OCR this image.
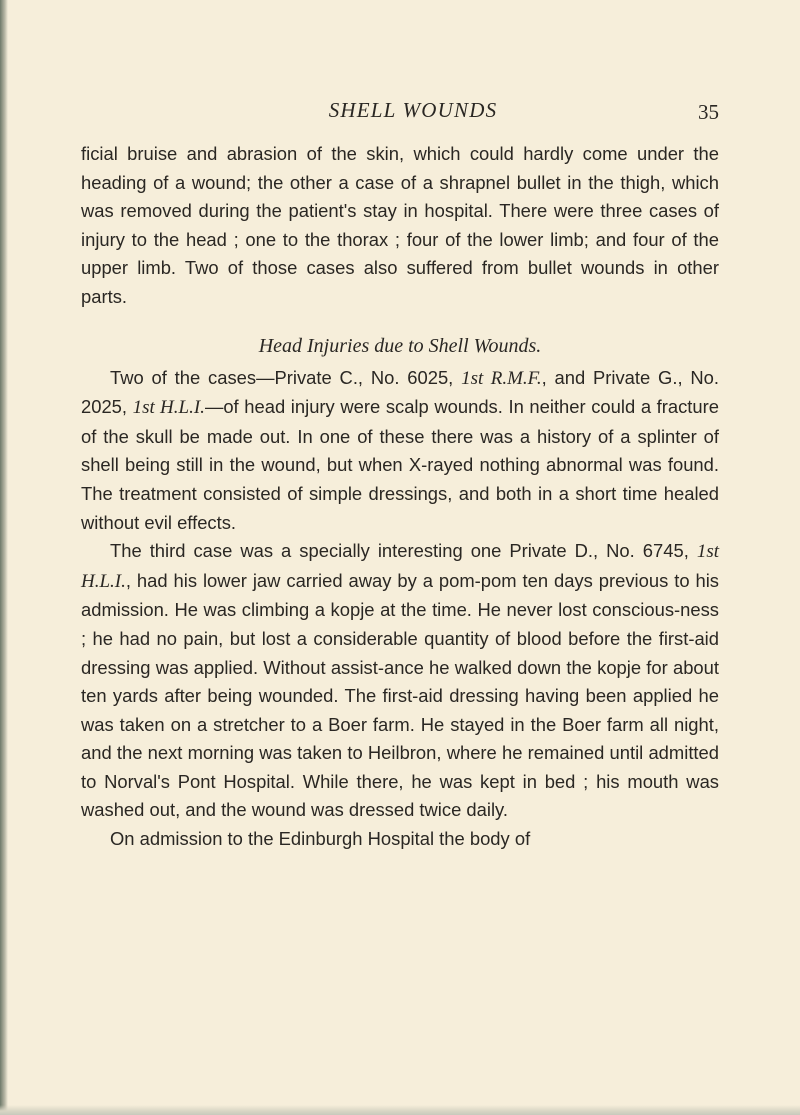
SHELL WOUNDS	35

ficial bruise and abrasion of the skin, which could hardly come under the heading of a wound; the other a case of a shrapnel bullet in the thigh, which was removed during the patient's stay in hospital. There were three cases of injury to the head ; one to the thorax ; four of the lower limb; and four of the upper limb. Two of those cases also suffered from bullet wounds in other parts.

Head Injuries due to Shell Wounds.

Two of the cases—Private C., No. 6025, 1st R.M.F., and Private G., No. 2025, 1st H.L.I.—of head injury were scalp wounds. In neither could a fracture of the skull be made out. In one of these there was a history of a splinter of shell being still in the wound, but when X-rayed nothing abnormal was found. The treatment consisted of simple dressings, and both in a short time healed without evil effects.

The third case was a specially interesting one Private D., No. 6745, 1st H.L.I., had his lower jaw carried away by a pom-pom ten days previous to his admission. He was climbing a kopje at the time. He never lost conscious-ness ; he had no pain, but lost a considerable quantity of blood before the first-aid dressing was applied. Without assist-ance he walked down the kopje for about ten yards after being wounded. The first-aid dressing having been applied he was taken on a stretcher to a Boer farm. He stayed in the Boer farm all night, and the next morning was taken to Heilbron, where he remained until admitted to Norval's Pont Hospital. While there, he was kept in bed ; his mouth was washed out, and the wound was dressed twice daily.

On admission to the Edinburgh Hospital the body of
